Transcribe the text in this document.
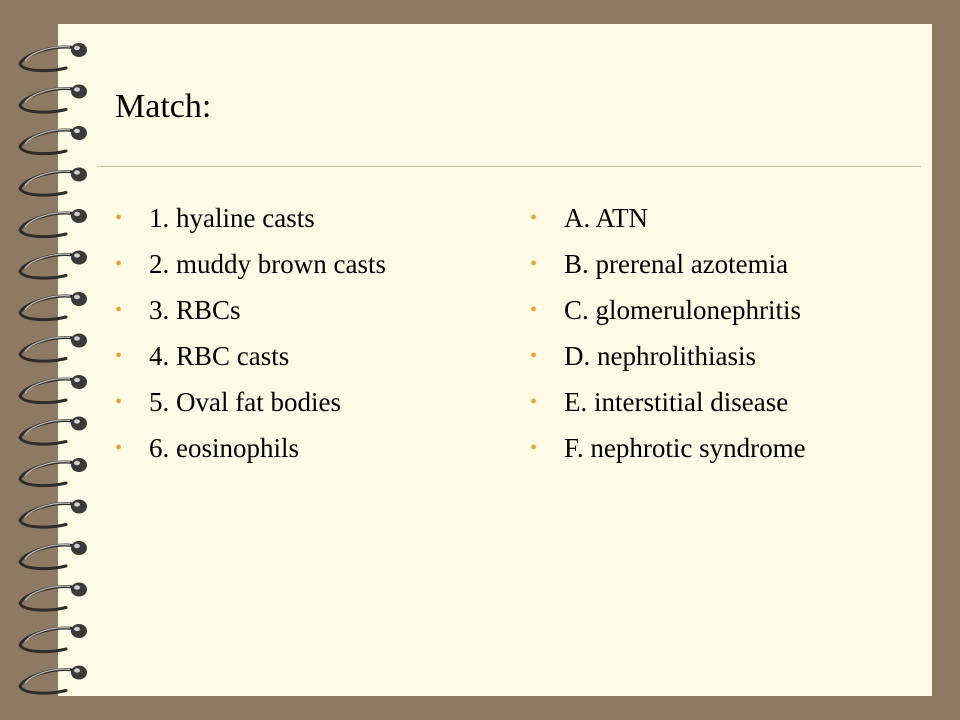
Match:
• 1. hyaline casts
• 2. muddy brown casts
• 3. RBCs
• 4. RBC casts
• 5. Oval fat bodies
• 6. eosinophils
• A. ATN
• B. prerenal azotemia
• C. glomerulonephritis
• D. nephrolithiasis
• E. interstitial disease
• F. nephrotic syndrome
